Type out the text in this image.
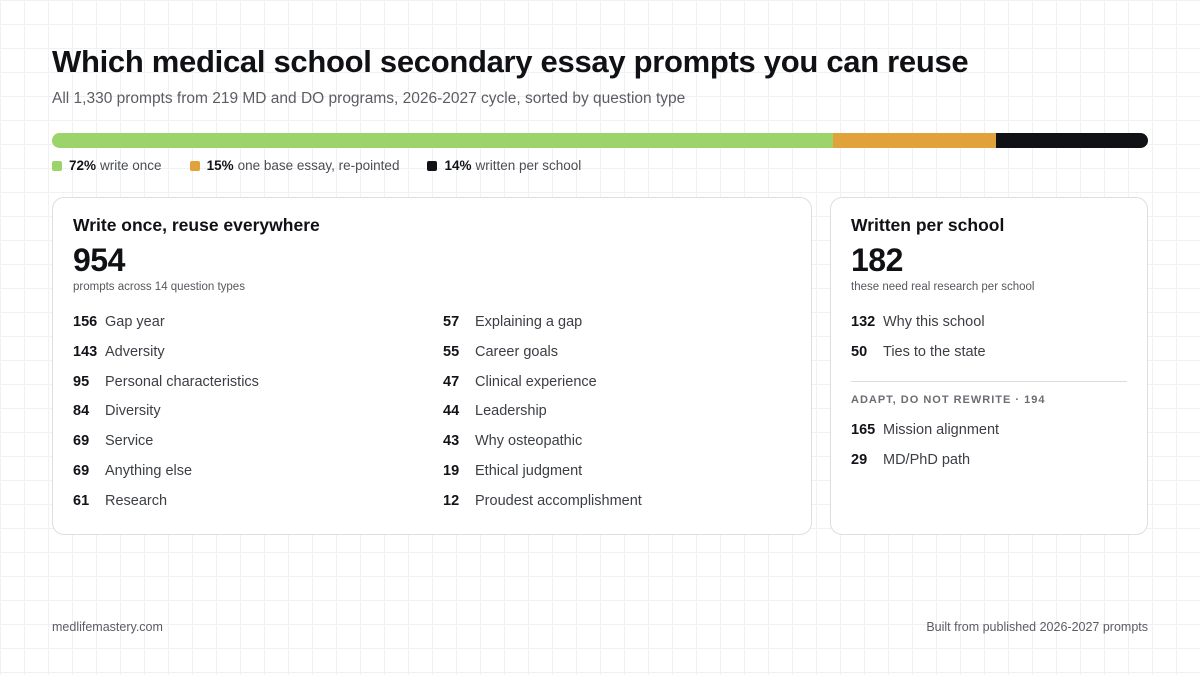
Which medical school secondary essay prompts you can reuse
All 1,330 prompts from 219 MD and DO programs, 2026-2027 cycle, sorted by question type
72% write once	15% one base essay, re-pointed	14% written per school
Write once, reuse everywhere
954
prompts across 14 question types
156 Gap year
143 Adversity
95	Personal characteristics
84	Diversity
69	Service
69	Anything else
61	Research
57	Explaining a gap
55	Career goals
47	Clinical experience
44	Leadership
43	Why osteopathic
19	Ethical judgment
12	Proudest accomplishment
Written per school
182
these need real research per school
132 Why this school
50	Ties to the state
ADAPT, DO NOT REWRITE · 194
165 Mission alignment
29	MD/PhD path
medlifemastery.com	Built from published 2026-2027 prompts
